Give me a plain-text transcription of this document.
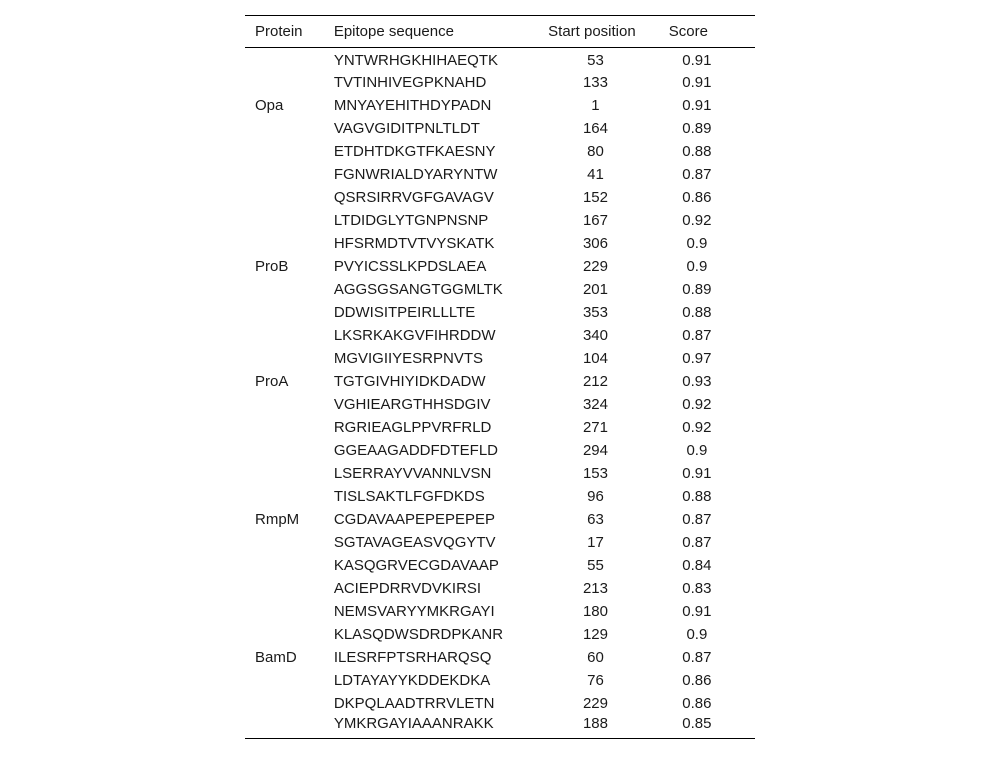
Protein	Epitope sequence	Start position	Score
	YNTWRHGKHIHAEQTK	53	0.91
	TVTINHIVEGPKNAHD	133	0.91
Opa	MNYAYEHITHDYPADN	1	0.91
	VAGVGIDITPNLTLDT	164	0.89
	ETDHTDKGTFKAESNY	80	0.88
	FGNWRIALDYARYNTW	41	0.87
	QSRSIRRVGFGAVAGV	152	0.86
	LTDIDGLYTGNPNSNP	167	0.92
	HFSRMDTVTVYSKATK	306	0.9
ProB	PVYICSSLKPDSLAEA	229	0.9
	AGGSGSANGTGGMLTK	201	0.89
	DDWISITPEIRLLLTE	353	0.88
	LKSRKAKGVFIHRDDW	340	0.87
	MGVIGIIYESRPNVTS	104	0.97
ProA	TGTGIVHIYIDKDADW	212	0.93
	VGHIEARGTHHSDGIV	324	0.92
	RGRIEAGLPPVRFRLD	271	0.92
	GGEAAGADDFDTEFLD	294	0.9
	LSERRAYVVANNLVSN	153	0.91
	TISLSAKTLFGFDKDS	96	0.88
RmpM	CGDAVAAPEPEPEPEP	63	0.87
	SGTAVAGEASVQGYTV	17	0.87
	KASQGRVECGDAVAAP	55	0.84
	ACIEPDRRVDVKIRSI	213	0.83
	NEMSVARYYMKRGAYI	180	0.91
	KLASQDWSDRDPKANR	129	0.9
BamD	ILESRFPTSRHARQSQ	60	0.87
	LDTAYAYYKDDEKDKA	76	0.86
	DKPQLAADTRRVLETN	229	0.86
	YMKRGAYIAAANRAKK	188	0.85
